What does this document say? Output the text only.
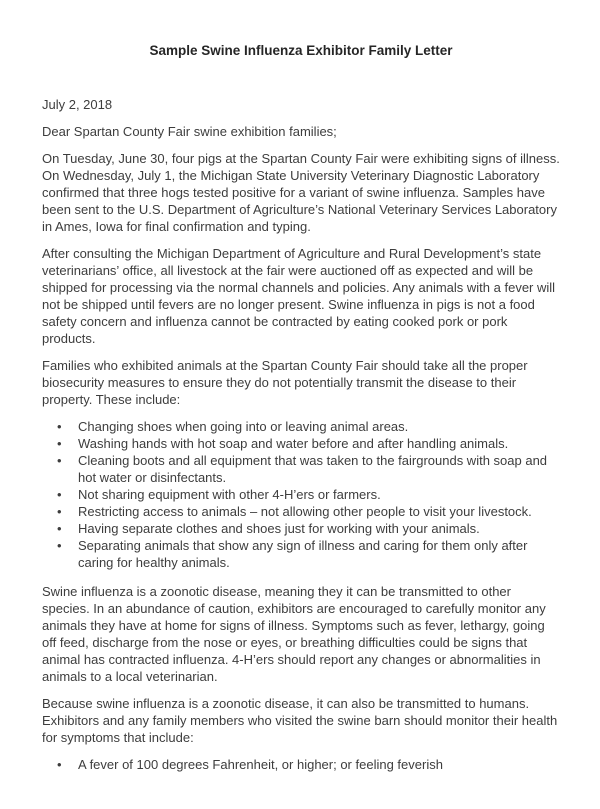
Sample Swine Influenza Exhibitor Family Letter

July 2, 2018

Dear Spartan County Fair swine exhibition families;

On Tuesday, June 30, four pigs at the Spartan County Fair were exhibiting signs of illness. On Wednesday, July 1, the Michigan State University Veterinary Diagnostic Laboratory confirmed that three hogs tested positive for a variant of swine influenza. Samples have been sent to the U.S. Department of Agriculture’s National Veterinary Services Laboratory in Ames, Iowa for final confirmation and typing.

After consulting the Michigan Department of Agriculture and Rural Development’s state veterinarians’ office, all livestock at the fair were auctioned off as expected and will be shipped for processing via the normal channels and policies. Any animals with a fever will not be shipped until fevers are no longer present. Swine influenza in pigs is not a food safety concern and influenza cannot be contracted by eating cooked pork or pork products.

Families who exhibited animals at the Spartan County Fair should take all the proper biosecurity measures to ensure they do not potentially transmit the disease to their property. These include:

• Changing shoes when going into or leaving animal areas.
• Washing hands with hot soap and water before and after handling animals.
• Cleaning boots and all equipment that was taken to the fairgrounds with soap and hot water or disinfectants.
• Not sharing equipment with other 4-H’ers or farmers.
• Restricting access to animals – not allowing other people to visit your livestock.
• Having separate clothes and shoes just for working with your animals.
• Separating animals that show any sign of illness and caring for them only after caring for healthy animals.

Swine influenza is a zoonotic disease, meaning they it can be transmitted to other species. In an abundance of caution, exhibitors are encouraged to carefully monitor any animals they have at home for signs of illness. Symptoms such as fever, lethargy, going off feed, discharge from the nose or eyes, or breathing difficulties could be signs that animal has contracted influenza. 4-H’ers should report any changes or abnormalities in animals to a local veterinarian.

Because swine influenza is a zoonotic disease, it can also be transmitted to humans. Exhibitors and any family members who visited the swine barn should monitor their health for symptoms that include:

• A fever of 100 degrees Fahrenheit, or higher; or feeling feverish
